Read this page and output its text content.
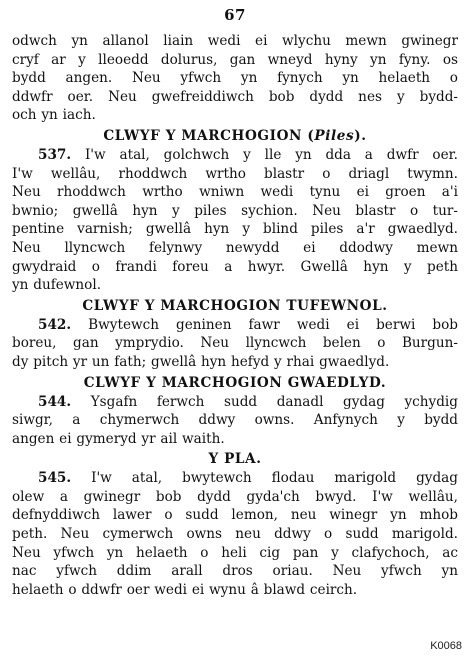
67
odwch yn allanol liain wedi ei wlychu mewn gwinegr
cryf ar y lleoedd dolurus, gan wneyd hyny yn fyny. os
bydd angen. Neu yfwch yn fynych yn helaeth o
ddwfr oer. Neu gwefreiddiwch bob dydd nes y bydd-
och yn iach.
CLWYF Y MARCHOGION (Piles).
537. I'w atal, golchwch y lle yn dda a dwfr oer.
I'w wellâu, rhoddwch wrtho blastr o driagl twymn.
Neu rhoddwch wrtho wniwn wedi tynu ei groen a'i
bwnio; gwellâ hyn y piles sychion. Neu blastr o tur-
pentine varnish; gwellâ hyn y blind piles a'r gwaedlyd.
Neu llyncwch felynwy newydd ei ddodwy mewn
gwydraid o frandi foreu a hwyr. Gwellâ hyn y peth
yn dufewnol.
CLWYF Y MARCHOGION TUFEWNOL.
542. Bwytewch geninen fawr wedi ei berwi bob
boreu, gan ymprydio. Neu llyncwch belen o Burgun-
dy pitch yr un fath; gwellâ hyn hefyd y rhai gwaedlyd.
CLWYF Y MARCHOGION GWAEDLYD.
544. Ysgafn ferwch sudd danadl gydag ychydig
siwgr, a chymerwch ddwy owns. Anfynych y bydd
angen ei gymeryd yr ail waith.
Y PLA.
545. I'w atal, bwytewch flodau marigold gydag
olew a gwinegr bob dydd gyda'ch bwyd. I'w wellâu,
defnyddiwch lawer o sudd lemon, neu winegr yn mhob
peth. Neu cymerwch owns neu ddwy o sudd marigold.
Neu yfwch yn helaeth o heli cig pan y clafychoch, ac
nac yfwch ddim arall dros oriau. Neu yfwch yn
helaeth o ddwfr oer wedi ei wynu â blawd ceirch.
K0068
